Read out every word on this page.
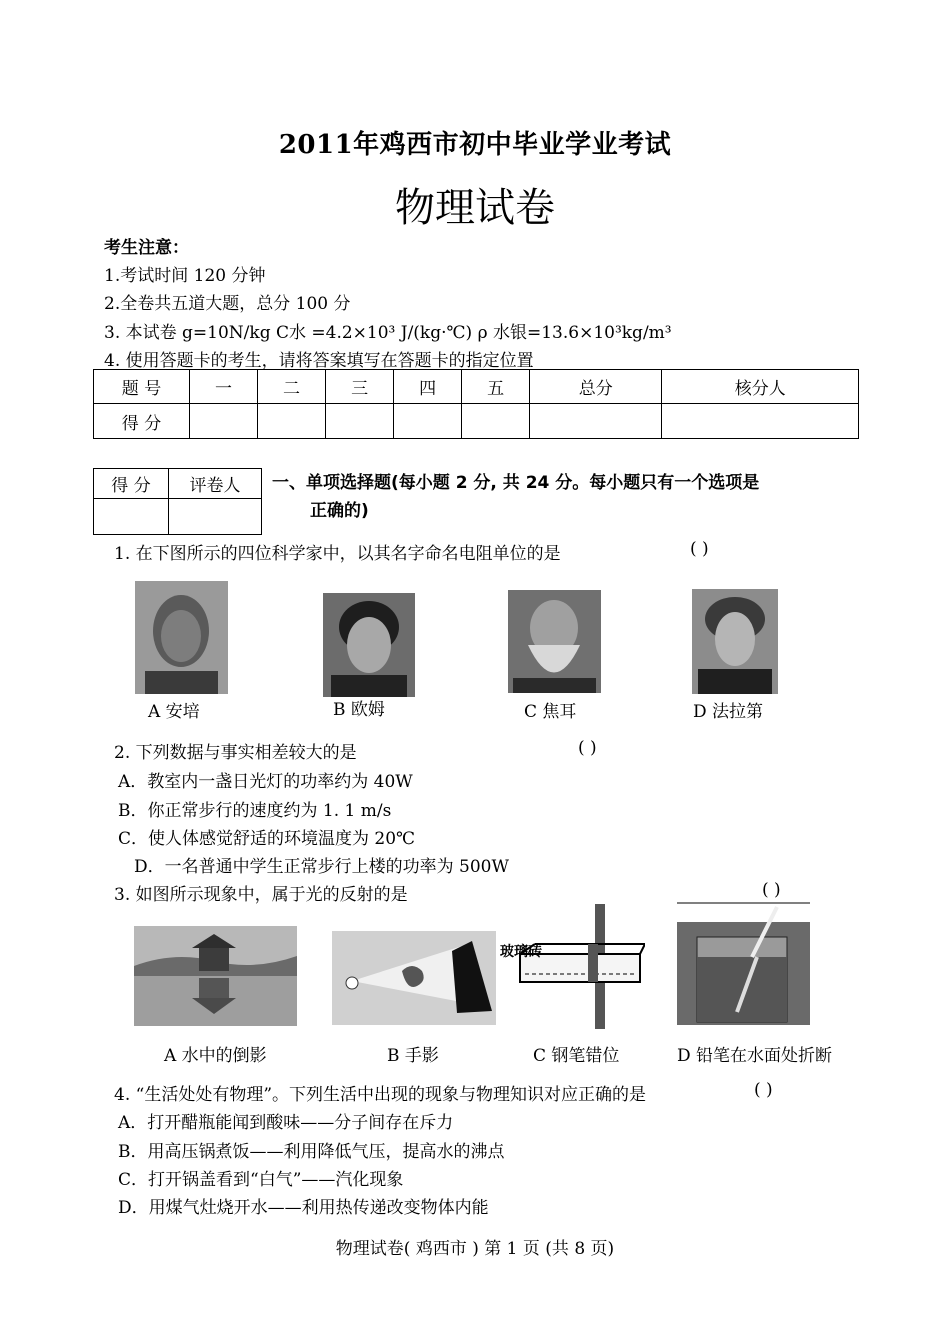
2011年鸡西市初中毕业学业考试
物理试卷
考生注意：
1.考试时间 120 分钟
2.全卷共五道大题，总分 100 分
3. 本试卷 g=10N/kg C水 =4.2×10³ J/(kg·℃) ρ 水银=13.6×10³kg/m³
4. 使用答题卡的考生，请将答案填写在答题卡的指定位置
题 号	一	二	三	四	五	总分	核分人
得 分							
得 分	评卷人
	一、单项选择题(每小题 2 分, 共 24 分。每小题只有一个选项是
正确的)
1. 在下图所示的四位科学家中，以其名字命名电阻单位的是	( )
A 安培	B 欧姆	C 焦耳	D 法拉第
2. 下列数据与事实相差较大的是	( )
A．教室内一盏日光灯的功率约为 40W
B．你正常步行的速度约为 1. 1 m/s
C．使人体感觉舒适的环境温度为 20℃
D．一名普通中学生正常步行上楼的功率为 500W
3. 如图所示现象中，属于光的反射的是	( )
玻璃砖
A 水中的倒影	B 手影	C 钢笔错位	D 铅笔在水面处折断
4. “生活处处有物理”。下列生活中出现的现象与物理知识对应正确的是	( )
A．打开醋瓶能闻到酸味——分子间存在斥力
B．用高压锅煮饭——利用降低气压，提高水的沸点
C．打开锅盖看到“白气”——汽化现象
D．用煤气灶烧开水——利用热传递改变物体内能
物理试卷( 鸡西市 ) 第 1 页 (共 8 页)
